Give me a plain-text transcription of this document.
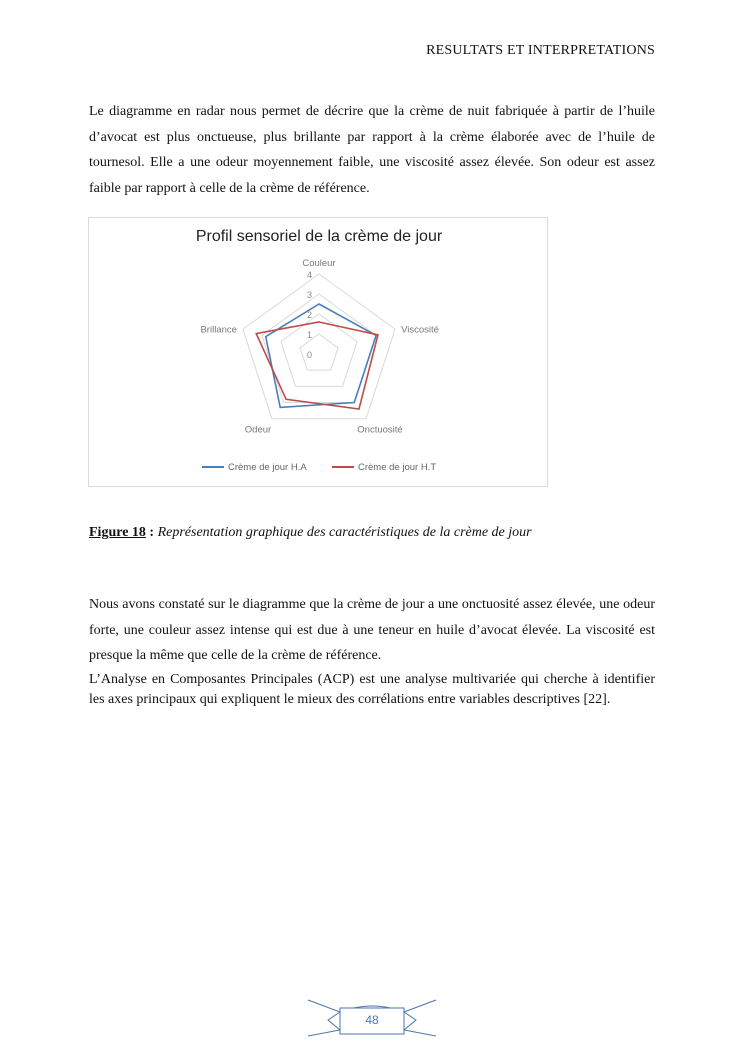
RESULTATS ET INTERPRETATIONS

Le diagramme en radar nous permet de décrire que la crème de nuit fabriquée à partir de l’huile d’avocat est plus onctueuse, plus brillante par rapport à la crème élaborée avec de l’huile de tournesol. Elle a une odeur moyennement faible, une viscosité assez élevée. Son odeur est assez faible par rapport à celle de la crème de référence.

Profil sensoriel de la crème de jour
0
1
2
3
4
Couleur
Viscosité
Onctuosité
Odeur
Brillance
Crème de jour H.A	Crème de jour H.T
Figure 18 : Représentation graphique des caractéristiques de la crème de jour

Nous avons constaté sur le diagramme que la crème de jour a une onctuosité assez élevée, une odeur forte, une couleur assez intense qui est due à une teneur en huile d’avocat élevée. La viscosité est presque la même que celle de la crème de référence.

L’Analyse en Composantes Principales (ACP) est une analyse multivariée qui cherche à identifier les axes principaux qui expliquent le mieux des corrélations entre variables descriptives [22].

48
